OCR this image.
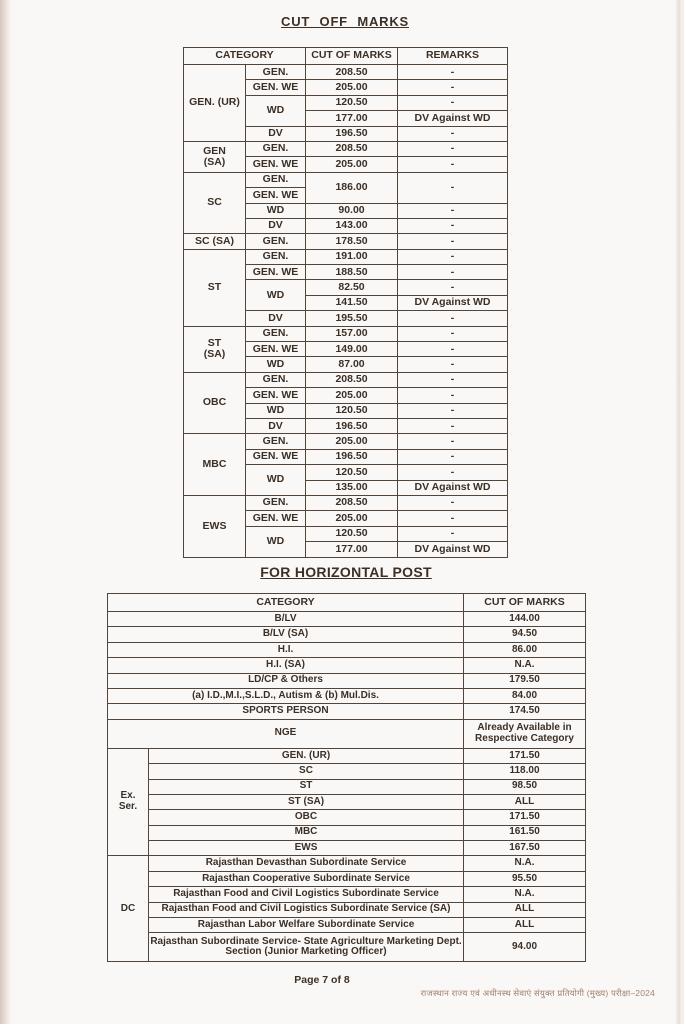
CUT OFF MARKS
CATEGORY		CUT OF MARKS	REMARKS
GEN. (UR)	GEN.	208.50	-
	GEN. WE	205.00	-
	WD	120.50	-
		177.00	DV Against WD
	DV	196.50	-
GEN (SA)	GEN.	208.50	-
	GEN. WE	205.00	-
SC	GEN.	186.00	-
	GEN. WE		
	WD	90.00	-
	DV	143.00	-
SC (SA)	GEN.	178.50	-
ST	GEN.	191.00	-
	GEN. WE	188.50	-
	WD	82.50	-
		141.50	DV Against WD
	DV	195.50	-
ST (SA)	GEN.	157.00	-
	GEN. WE	149.00	-
	WD	87.00	-
OBC	GEN.	208.50	-
	GEN. WE	205.00	-
	WD	120.50	-
	DV	196.50	-
MBC	GEN.	205.00	-
	GEN. WE	196.50	-
	WD	120.50	-
		135.00	DV Against WD
EWS	GEN.	208.50	-
	GEN. WE	205.00	-
	WD	120.50	-
		177.00	DV Against WD
FOR HORIZONTAL POST
CATEGORY		CUT OF MARKS
B/LV		144.00
B/LV (SA)		94.50
H.I.		86.00
H.I. (SA)		N.A.
LD/CP & Others		179.50
(a) I.D.,M.I.,S.L.D., Autism & (b) Mul.Dis.		84.00
SPORTS PERSON		174.50
NGE		Already Available in Respective Category
Ex. Ser.	GEN. (UR)	171.50
	SC	118.00
	ST	98.50
	ST (SA)	ALL
	OBC	171.50
	MBC	161.50
	EWS	167.50
DC	Rajasthan Devasthan Subordinate Service	N.A.
	Rajasthan Cooperative Subordinate Service	95.50
	Rajasthan Food and Civil Logistics Subordinate Service	N.A.
	Rajasthan Food and Civil Logistics Subordinate Service (SA)	ALL
	Rajasthan Labor Welfare Subordinate Service	ALL
	Rajasthan Subordinate Service- State Agriculture Marketing Dept. Section (Junior Marketing Officer)	94.00
Page 7 of 8
राजस्थान राज्य एवं अधीनस्थ सेवाएं संयुक्त प्रतियोगी (मुख्य) परीक्षा–2024
